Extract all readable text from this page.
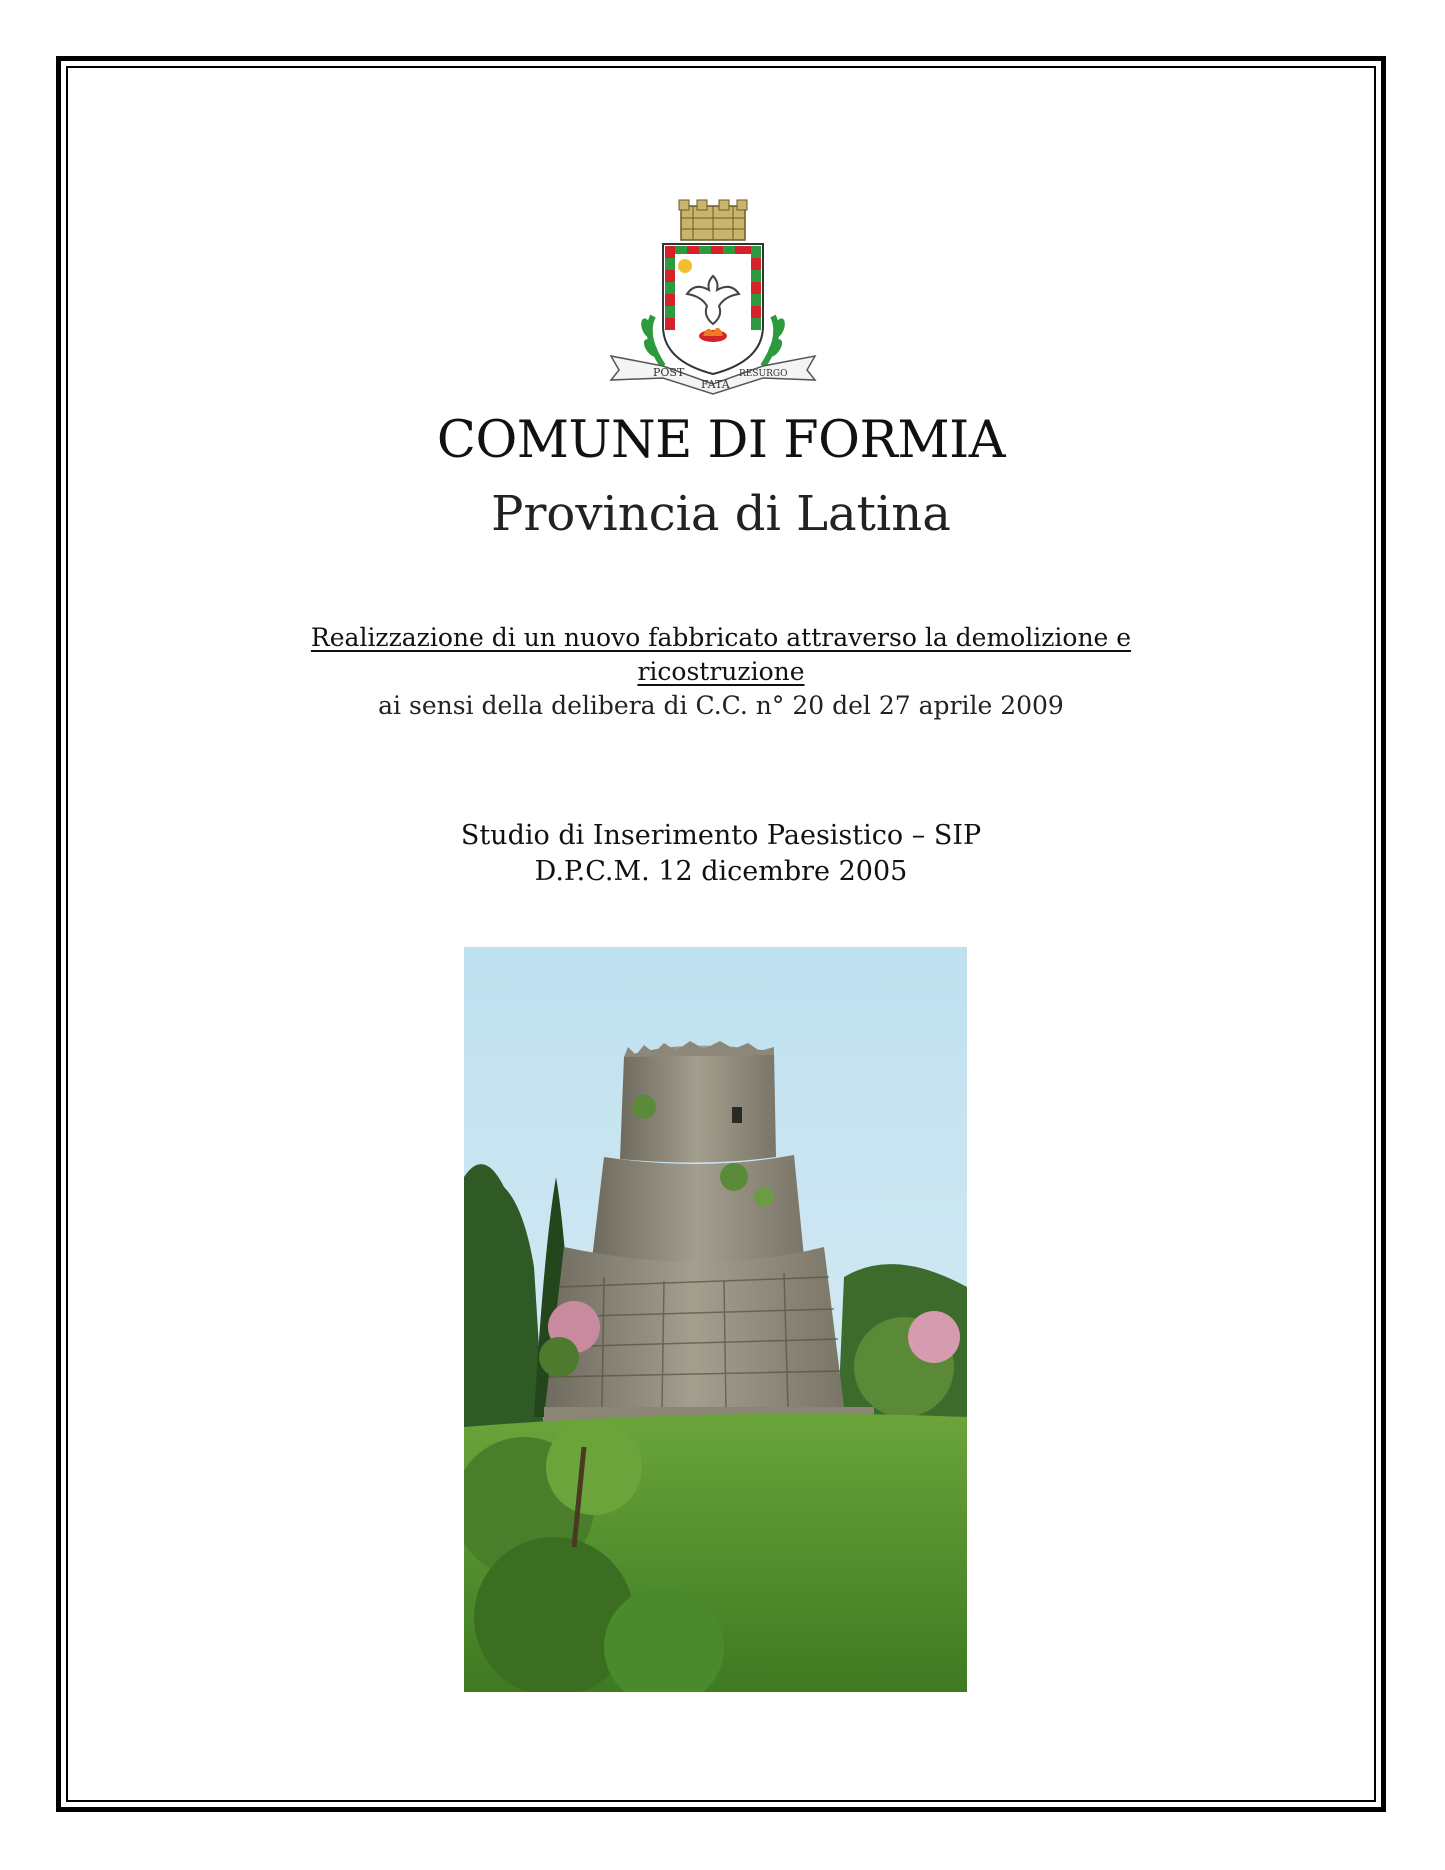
POST
FATA
RESURGO
COMUNE DI FORMIA
Provincia di Latina
Realizzazione di un nuovo fabbricato attraverso la demolizione e
ricostruzione
ai sensi della delibera di C.C. n° 20 del 27 aprile 2009
Studio di Inserimento Paesistico – SIP
D.P.C.M. 12 dicembre 2005
